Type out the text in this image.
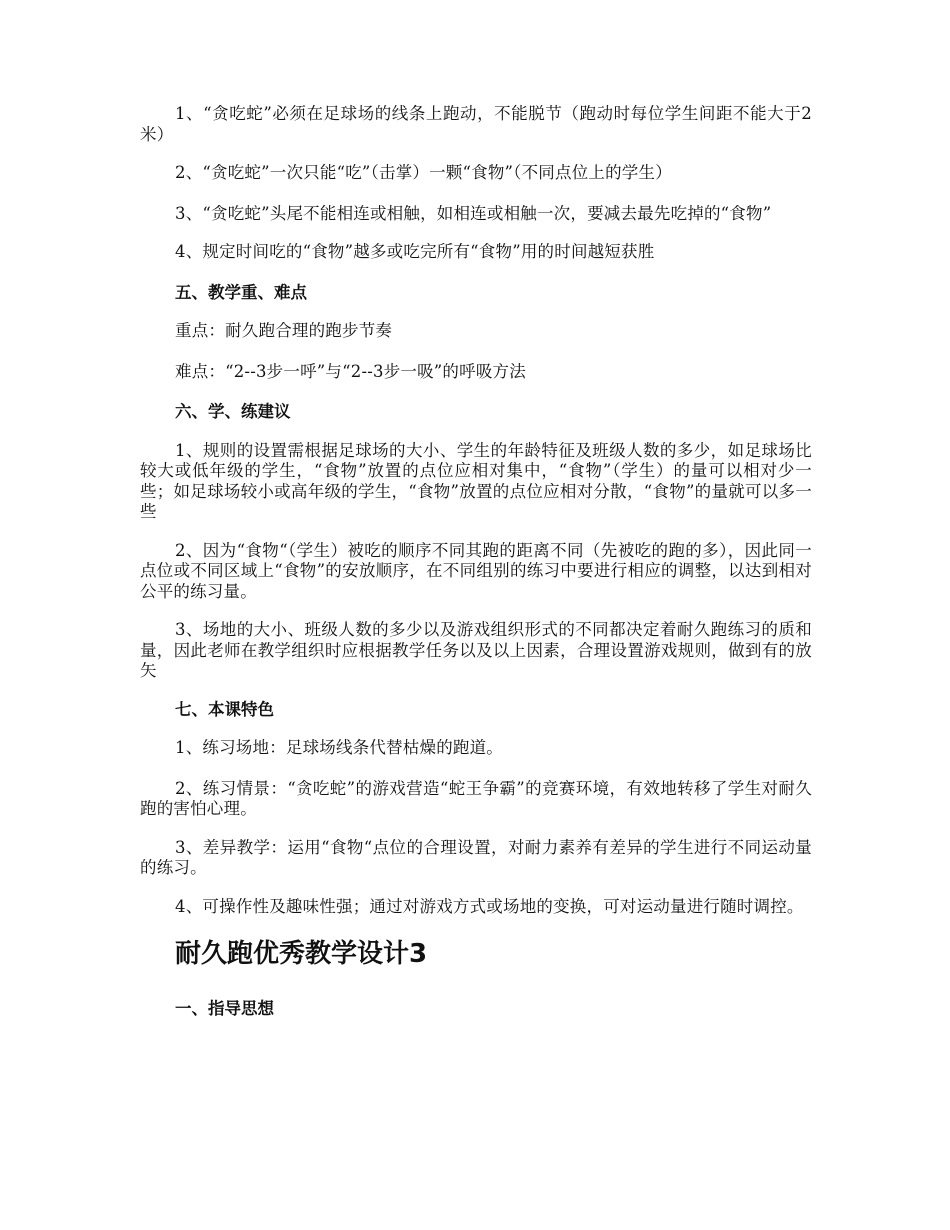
1、“贪吃蛇”必须在足球场的线条上跑动，不能脱节（跑动时每位学生间距不能大于2米）

2、“贪吃蛇”一次只能“吃”（击掌）一颗“食物”（不同点位上的学生）

3、“贪吃蛇”头尾不能相连或相触，如相连或相触一次，要减去最先吃掉的“食物”

4、规定时间吃的“食物”越多或吃完所有“食物”用的时间越短获胜

五、教学重、难点

重点：耐久跑合理的跑步节奏

难点：“2--3步一呼”与“2--3步一吸”的呼吸方法

六、学、练建议

1、规则的设置需根据足球场的大小、学生的年龄特征及班级人数的多少，如足球场比较大或低年级的学生，“食物”放置的点位应相对集中，“食物”（学生）的量可以相对少一些；如足球场较小或高年级的学生，“食物”放置的点位应相对分散，“食物”的量就可以多一些

2、因为“食物“（学生）被吃的顺序不同其跑的距离不同（先被吃的跑的多），因此同一点位或不同区域上“食物”的安放顺序，在不同组别的练习中要进行相应的调整，以达到相对公平的练习量。

3、场地的大小、班级人数的多少以及游戏组织形式的不同都决定着耐久跑练习的质和量，因此老师在教学组织时应根据教学任务以及以上因素，合理设置游戏规则，做到有的放矢

七、本课特色

1、练习场地：足球场线条代替枯燥的跑道。

2、练习情景：“贪吃蛇”的游戏营造“蛇王争霸”的竞赛环境，有效地转移了学生对耐久跑的害怕心理。

3、差异教学：运用“食物“点位的合理设置，对耐力素养有差异的学生进行不同运动量的练习。

4、可操作性及趣味性强；通过对游戏方式或场地的变换，可对运动量进行随时调控。

耐久跑优秀教学设计3

一、指导思想
